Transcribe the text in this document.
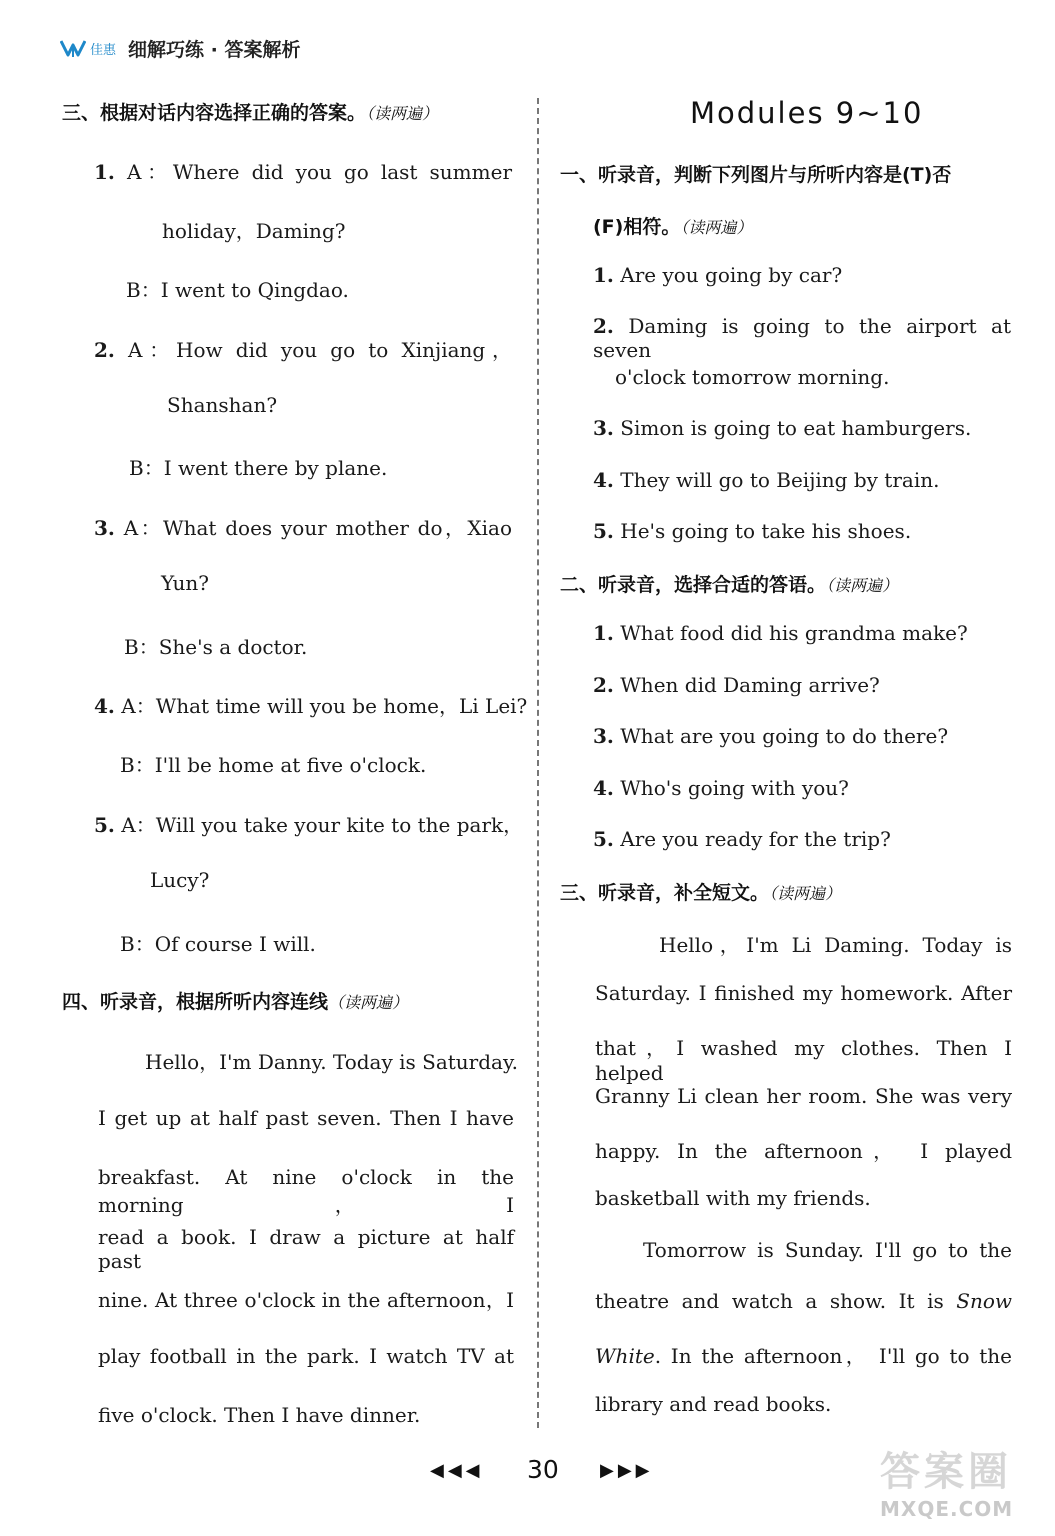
佳惠 细解巧练 · 答案解析
三、根据对话内容选择正确的答案。（读两遍）
1. A：Where did you go last summer
holiday，Daming?
B：I went to Qingdao.
2. A：How did you go to Xinjiang，
Shanshan?
B：I went there by plane.
3. A：What does your mother do，Xiao
Yun?
B：She's a doctor.
4. A：What time will you be home，Li Lei?
B：I'll be home at five o'clock.
5. A：Will you take your kite to the park，
Lucy?
B：Of course I will.
四、听录音，根据所听内容连线（读两遍）
Hello，I'm Danny. Today is Saturday.
I get up at half past seven. Then I have
breakfast. At nine o'clock in the morning，I
read a book. I draw a picture at half past
nine. At three o'clock in the afternoon，I
play football in the park. I watch TV at
five o'clock. Then I have dinner.
Modules 9~10
一、听录音，判断下列图片与所听内容是(T)否
(F)相符。（读两遍）
1. Are you going by car?
2. Daming is going to the airport at seven
o'clock tomorrow morning.
3. Simon is going to eat hamburgers.
4. They will go to Beijing by train.
5. He's going to take his shoes.
二、听录音，选择合适的答语。（读两遍）
1. What food did his grandma make?
2. When did Daming arrive?
3. What are you going to do there?
4. Who's going with you?
5. Are you ready for the trip?
三、听录音，补全短文。（读两遍）
Hello，I'm Li Daming. Today is
Saturday. I finished my homework. After
that，I washed my clothes. Then I helped
Granny Li clean her room. She was very
happy. In the afternoon， I played
basketball with my friends.
Tomorrow is Sunday. I'll go to the
theatre and watch a show. It is Snow
White. In the afternoon， I'll go to the
library and read books.
◀◀◀ 30 ▶▶▶	答案圈
MXQE.COM
